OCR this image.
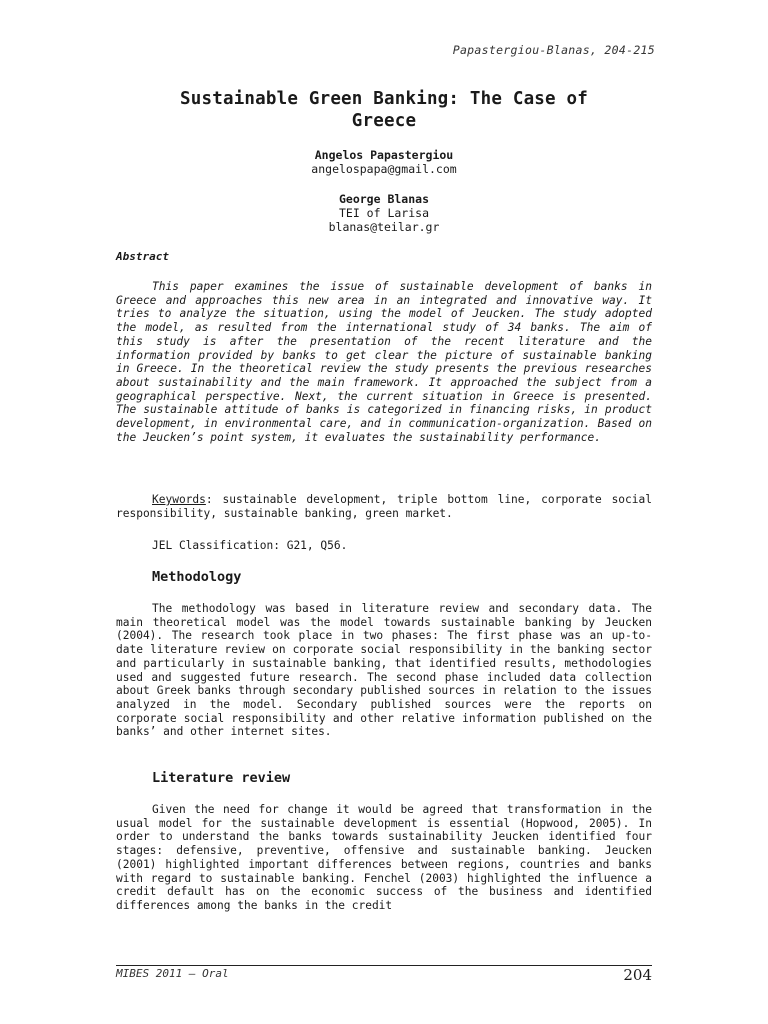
Papastergiou-Blanas, 204-215
Sustainable Green Banking: The Case of
Greece
Angelos Papastergiou
angelospapa@gmail.com
George Blanas
TEI of Larisa
blanas@teilar.gr
Abstract

This paper examines the issue of sustainable development of banks in Greece and approaches this new area in an integrated and innovative way. It tries to analyze the situation, using the model of Jeucken. The study adopted the model, as resulted from the international study of 34 banks. The aim of this study is after the presentation of the recent literature and the information provided by banks to get clear the picture of sustainable banking in Greece. In the theoretical review the study presents the previous researches about sustainability and the main framework. It approached the subject from a geographical perspective. Next, the current situation in Greece is presented. The sustainable attitude of banks is categorized in financing risks, in product development, in environmental care, and in communication-organization. Based on the Jeucken’s point system, it evaluates the sustainability performance.

Keywords: sustainable development, triple bottom line, corporate social responsibility, sustainable banking, green market.

JEL Classification: G21, Q56.

Methodology

The methodology was based in literature review and secondary data. The main theoretical model was the model towards sustainable banking by Jeucken (2004). The research took place in two phases: The first phase was an up-to-date literature review on corporate social responsibility in the banking sector and particularly in sustainable banking, that identified results, methodologies used and suggested future research. The second phase included data collection about Greek banks through secondary published sources in relation to the issues analyzed in the model. Secondary published sources were the reports on corporate social responsibility and other relative information published on the banks’ and other internet sites.

Literature review

Given the need for change it would be agreed that transformation in the usual model for the sustainable development is essential (Hopwood, 2005). In order to understand the banks towards sustainability Jeucken identified four stages: defensive, preventive, offensive and sustainable banking. Jeucken (2001) highlighted important differences between regions, countries and banks with regard to sustainable banking. Fenchel (2003) highlighted the influence a credit default has on the economic success of the business and identified differences among the banks in the credit

MIBES 2011 – Oral	204
